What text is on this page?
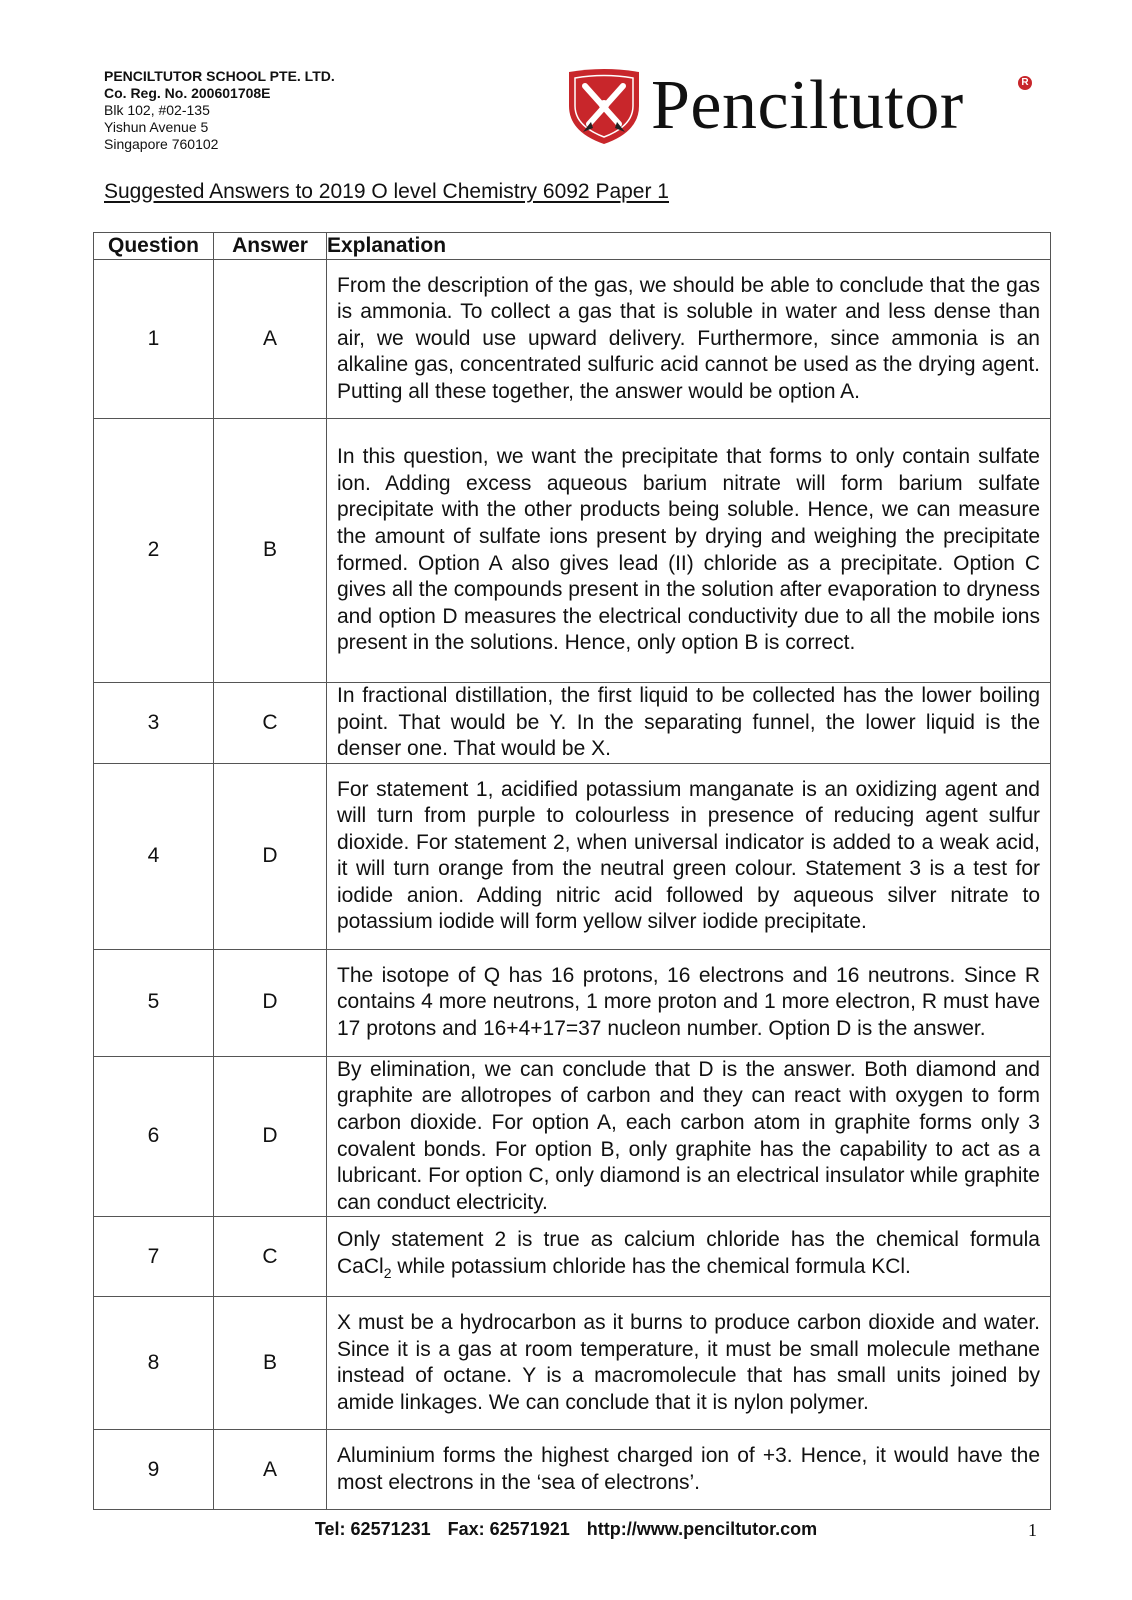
PENCILTUTOR SCHOOL PTE. LTD.
Co. Reg. No. 200601708E
Blk 102, #02-135
Yishun Avenue 5
Singapore 760102	Penciltutor	R
Suggested Answers to 2019 O level Chemistry 6092 Paper 1
Question	Answer	Explanation
1	A	From the description of the gas, we should be able to conclude that the gas is ammonia. To collect a gas that is soluble in water and less dense than air, we would use upward delivery. Furthermore, since ammonia is an alkaline gas, concentrated sulfuric acid cannot be used as the drying agent. Putting all these together, the answer would be option A.
2	B	In this question, we want the precipitate that forms to only contain sulfate ion. Adding excess aqueous barium nitrate will form barium sulfate precipitate with the other products being soluble. Hence, we can measure the amount of sulfate ions present by drying and weighing the precipitate formed. Option A also gives lead (II) chloride as a precipitate. Option C gives all the compounds present in the solution after evaporation to dryness and option D measures the electrical conductivity due to all the mobile ions present in the solutions. Hence, only option B is correct.
3	C	In fractional distillation, the first liquid to be collected has the lower boiling point. That would be Y. In the separating funnel, the lower liquid is the denser one. That would be X.
4	D	For statement 1, acidified potassium manganate is an oxidizing agent and will turn from purple to colourless in presence of reducing agent sulfur dioxide. For statement 2, when universal indicator is added to a weak acid, it will turn orange from the neutral green colour. Statement 3 is a test for iodide anion. Adding nitric acid followed by aqueous silver nitrate to potassium iodide will form yellow silver iodide precipitate.
5	D	The isotope of Q has 16 protons, 16 electrons and 16 neutrons. Since R contains 4 more neutrons, 1 more proton and 1 more electron, R must have 17 protons and 16+4+17=37 nucleon number. Option D is the answer.
6	D	By elimination, we can conclude that D is the answer. Both diamond and graphite are allotropes of carbon and they can react with oxygen to form carbon dioxide. For option A, each carbon atom in graphite forms only 3 covalent bonds. For option B, only graphite has the capability to act as a lubricant. For option C, only diamond is an electrical insulator while graphite can conduct electricity.
7	C	Only statement 2 is true as calcium chloride has the chemical formula CaCl$_2$ while potassium chloride has the chemical formula KCl.
8	B	X must be a hydrocarbon as it burns to produce carbon dioxide and water. Since it is a gas at room temperature, it must be small molecule methane instead of octane. Y is a macromolecule that has small units joined by amide linkages. We can conclude that it is nylon polymer.
9	A	Aluminium forms the highest charged ion of +3. Hence, it would have the most electrons in the ‘sea of electrons’.
Tel: 62571231 Fax: 62571921 http://www.penciltutor.com	1
